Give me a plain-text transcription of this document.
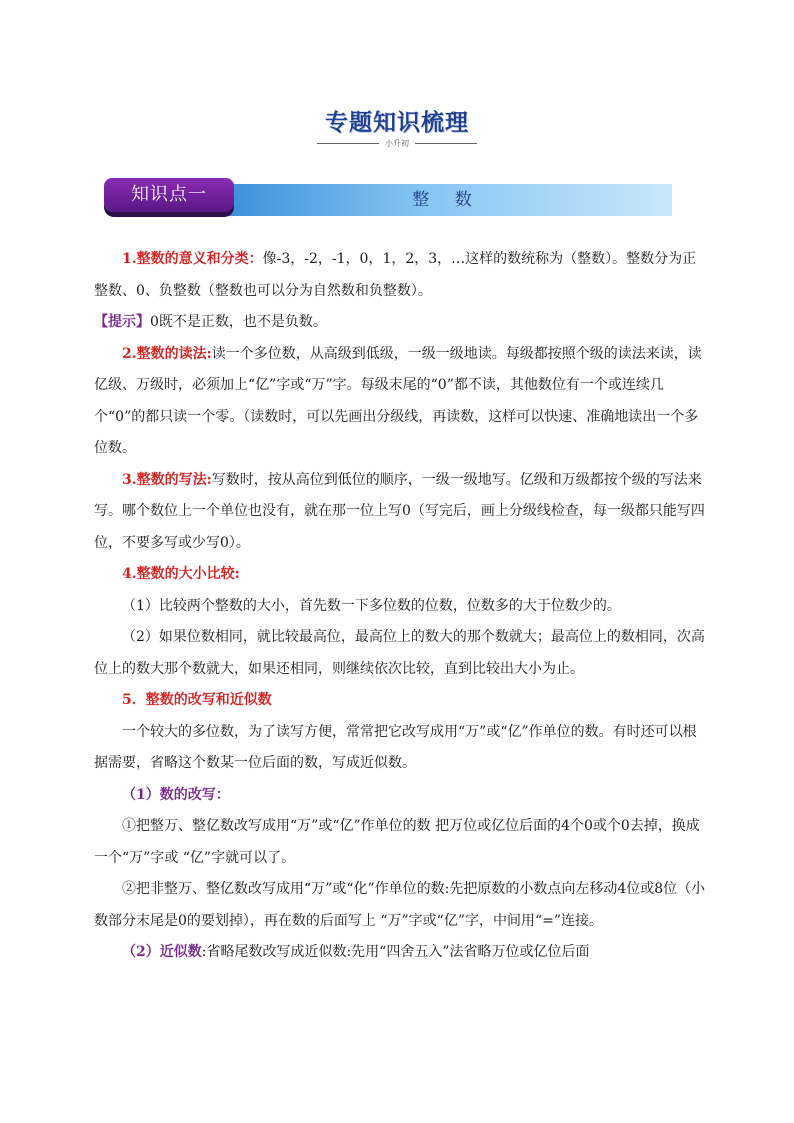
专题知识梳理
小升初
整 数
知识点一

1.整数的意义和分类：像-3，-2，-1，0，1，2，3，…这样的数统称为（整数）。整数分为正整数、0、负整数（整数也可以分为自然数和负整数）。

【提示】0既不是正数，也不是负数。

2.整数的读法:读一个多位数，从高级到低级，一级一级地读。每级都按照个级的读法来读，读亿级、万级时，必须加上“亿”字或“万”字。每级末尾的“0”都不读，其他数位有一个或连续几个“0”的都只读一个零。（读数时，可以先画出分级线，再读数，这样可以快速、准确地读出一个多位数。

3.整数的写法:写数时，按从高位到低位的顺序，一级一级地写。亿级和万级都按个级的写法来写。哪个数位上一个单位也没有，就在那一位上写0（写完后，画上分级线检查，每一级都只能写四位，不要多写或少写0）。

4.整数的大小比较:

（1）比较两个整数的大小，首先数一下多位数的位数，位数多的大于位数少的。

（2）如果位数相同，就比较最高位，最高位上的数大的那个数就大；最高位上的数相同，次高位上的数大那个数就大，如果还相同，则继续依次比较，直到比较出大小为止。

5．整数的改写和近似数

一个较大的多位数，为了读写方便，常常把它改写成用“万”或“亿”作单位的数。有时还可以根据需要，省略这个数某一位后面的数，写成近似数。

（1）数的改写：

①把整万、整亿数改写成用“万”或“亿”作单位的数 把万位或亿位后面的4个0或个0去掉，换成一个“万”字或 “亿”字就可以了。

②把非整万、整亿数改写成用“万”或“化”作单位的数:先把原数的小数点向左移动4位或8位（小数部分末尾是0的要划掉），再在数的后面写上 “万”字或“亿”字，中间用“=”连接。

（2）近似数:省略尾数改写成近似数:先用“四舍五入”法省略万位或亿位后面
